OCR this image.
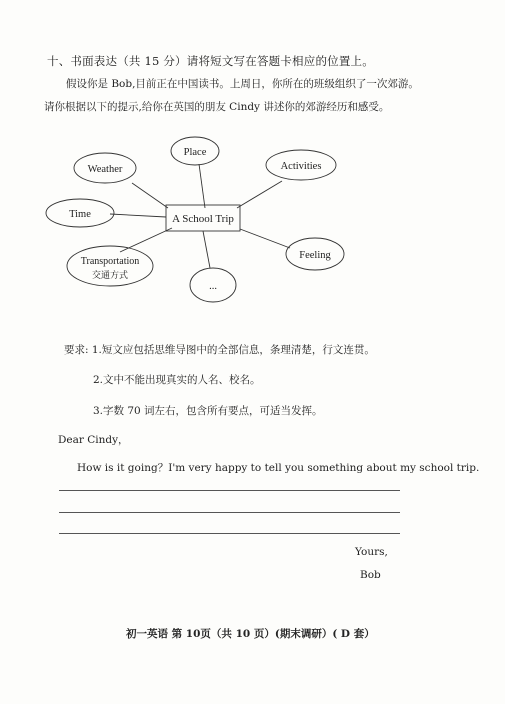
十、书面表达（共 15 分）请将短文写在答题卡相应的位置上。
假设你是 Bob,目前正在中国读书。上周日，你所在的班级组织了一次郊游。
请你根据以下的提示,给你在英国的朋友 Cindy 讲述你的郊游经历和感受。
Place
Weather	Activities
Time
Feeling
Transportation
交通方式
...
A School Trip
要求: 1.短文应包括思维导图中的全部信息，条理清楚，行文连贯。
2.文中不能出现真实的人名、校名。
3.字数 70 词左右，包含所有要点，可适当发挥。
Dear Cindy，
How is it going？I'm very happy to tell you something about my school trip.
Yours,
Bob
初一英语 第 10页（共 10 页）(期末调研）( D 套）
